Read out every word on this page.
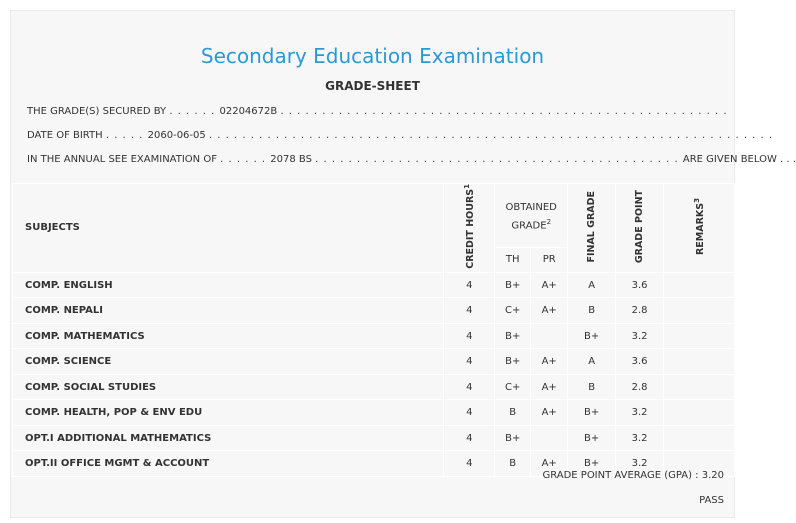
Secondary Education Examination
GRADE-SHEET
THE GRADE(S) SECURED BY . . . . . . 02204672B . . . . . . . . . . . . . . . . . . . . . . . . . . . . . . . . . . . . . . . . . . . . . . . . . . . . . .
DATE OF BIRTH . . . . . 2060-06-05 . . . . . . . . . . . . . . . . . . . . . . . . . . . . . . . . . . . . . . . . . . . . . . . . . . . . . . . . . . . . . . . . . . . .
IN THE ANNUAL SEE EXAMINATION OF . . . . . . 2078 BS . . . . . . . . . . . . . . . . . . . . . . . . . . . . . . . . . . . . . . . . . . . . ARE GIVEN BELOW . . .
SUBJECTS	CREDIT HOURS$^1$	OBTAINED GRADE$^2$		FINAL GRADE	GRADE POINT	REMARKS$^3$
		TH	PR			
COMP. ENGLISH	4	B+	A+	A	3.6	
COMP. NEPALI	4	C+	A+	B	2.8	
COMP. MATHEMATICS	4	B+		B+	3.2	
COMP. SCIENCE	4	B+	A+	A	3.6	
COMP. SOCIAL STUDIES	4	C+	A+	B	2.8	
COMP. HEALTH, POP & ENV EDU	4	B	A+	B+	3.2	
OPT.I ADDITIONAL MATHEMATICS	4	B+		B+	3.2	
OPT.II OFFICE MGMT & ACCOUNT	4	B	A+	B+	3.2	
GRADE POINT AVERAGE (GPA) : 3.20
PASS
